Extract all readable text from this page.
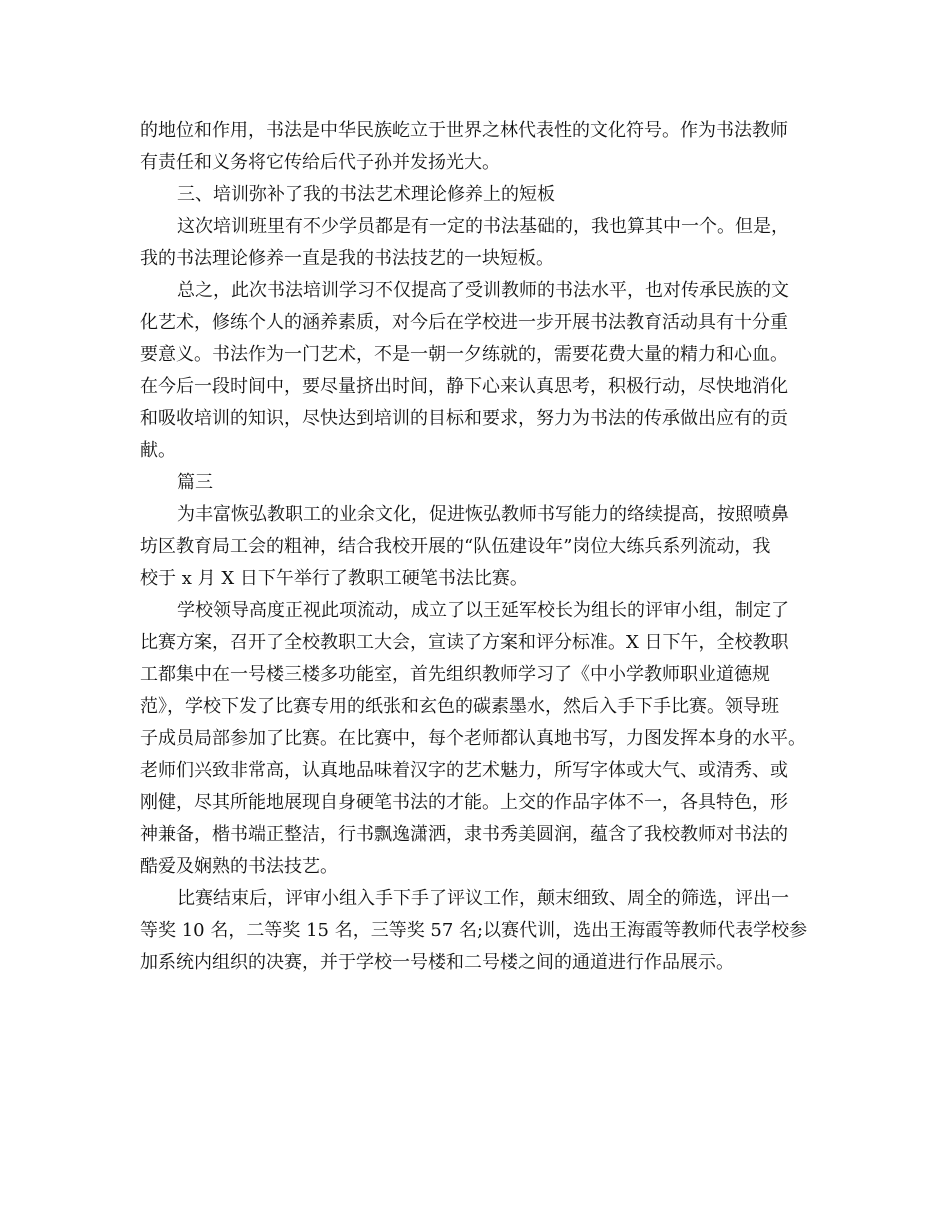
的地位和作用，书法是中华民族屹立于世界之林代表性的文化符号。作为书法教师
有责任和义务将它传给后代子孙并发扬光大。
三、培训弥补了我的书法艺术理论修养上的短板
这次培训班里有不少学员都是有一定的书法基础的，我也算其中一个。但是，
我的书法理论修养一直是我的书法技艺的一块短板。
总之，此次书法培训学习不仅提高了受训教师的书法水平，也对传承民族的文
化艺术，修练个人的涵养素质，对今后在学校进一步开展书法教育活动具有十分重
要意义。书法作为一门艺术，不是一朝一夕练就的，需要花费大量的精力和心血。
在今后一段时间中，要尽量挤出时间，静下心来认真思考，积极行动，尽快地消化
和吸收培训的知识，尽快达到培训的目标和要求，努力为书法的传承做出应有的贡
献。
篇三
为丰富恢弘教职工的业余文化，促进恢弘教师书写能力的络续提高，按照喷鼻
坊区教育局工会的粗神，结合我校开展的“队伍建设年”岗位大练兵系列流动，我
校于 x 月 X 日下午举行了教职工硬笔书法比赛。
学校领导高度正视此项流动，成立了以王延军校长为组长的评审小组，制定了
比赛方案，召开了全校教职工大会，宣读了方案和评分标准。X 日下午，全校教职
工都集中在一号楼三楼多功能室，首先组织教师学习了《中小学教师职业道德规
范》，学校下发了比赛专用的纸张和玄色的碳素墨水，然后入手下手比赛。领导班
子成员局部参加了比赛。在比赛中，每个老师都认真地书写，力图发挥本身的水平。
老师们兴致非常高，认真地品味着汉字的艺术魅力，所写字体或大气、或清秀、或
刚健，尽其所能地展现自身硬笔书法的才能。上交的作品字体不一，各具特色，形
神兼备，楷书端正整洁，行书飘逸潇洒，隶书秀美圆润，蕴含了我校教师对书法的
酷爱及娴熟的书法技艺。
比赛结束后，评审小组入手下手了评议工作，颠末细致、周全的筛选，评出一
等奖 10 名，二等奖 15 名，三等奖 57 名;以赛代训，选出王海霞等教师代表学校参
加系统内组织的决赛，并于学校一号楼和二号楼之间的通道进行作品展示。
